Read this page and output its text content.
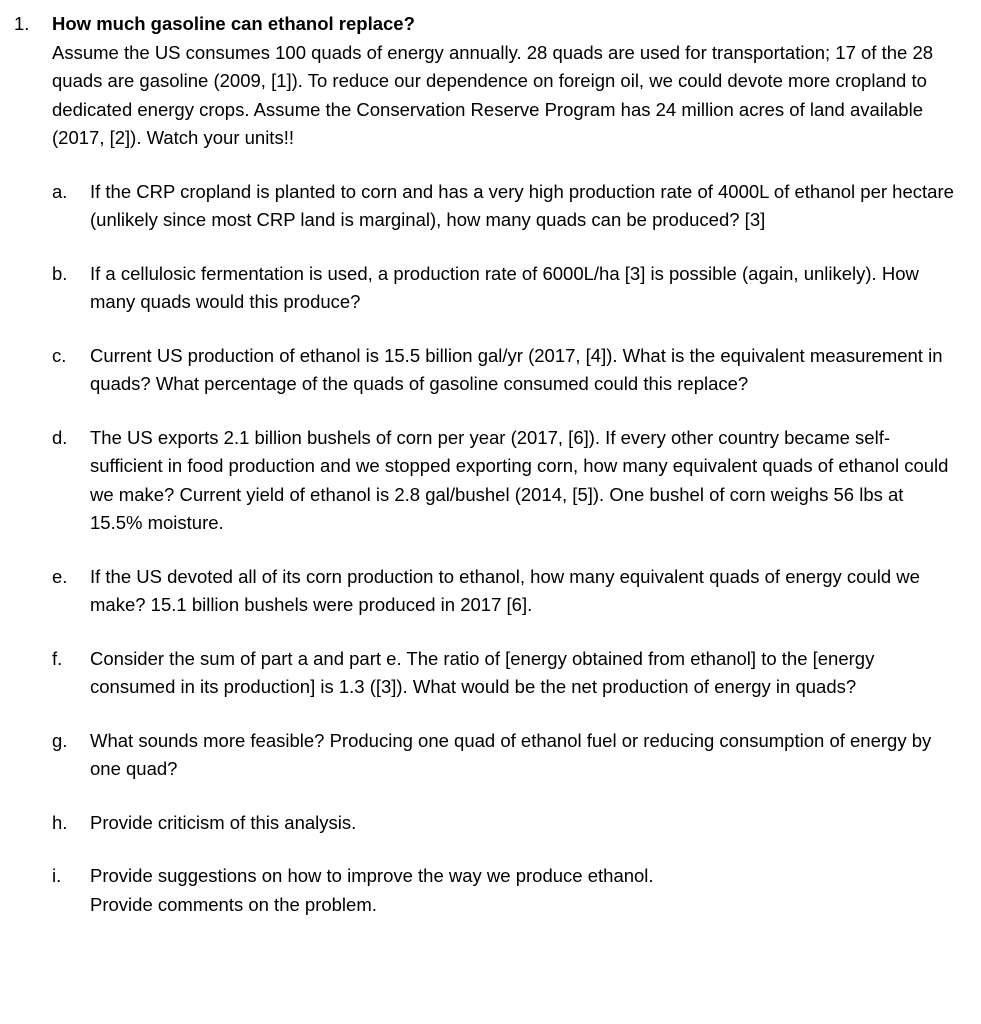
1.	How much gasoline can ethanol replace?

Assume the US consumes 100 quads of energy annually. 28 quads are used for transportation; 17 of the 28 quads are gasoline (2009, [1]). To reduce our dependence on foreign oil, we could devote more cropland to dedicated energy crops. Assume the Conservation Reserve Program has 24 million acres of land available (2017, [2]). Watch your units!!

a.	If the CRP cropland is planted to corn and has a very high production rate of 4000L of ethanol per hectare (unlikely since most CRP land is marginal), how many quads can be produced? [3]
b.	If a cellulosic fermentation is used, a production rate of 6000L/ha [3] is possible (again, unlikely). How many quads would this produce?
c.	Current US production of ethanol is 15.5 billion gal/yr (2017, [4]). What is the equivalent measurement in quads? What percentage of the quads of gasoline consumed could this replace?
d.	The US exports 2.1 billion bushels of corn per year (2017, [6]). If every other country became self-sufficient in food production and we stopped exporting corn, how many equivalent quads of ethanol could we make? Current yield of ethanol is 2.8 gal/bushel (2014, [5]). One bushel of corn weighs 56 lbs at 15.5% moisture.
e.	If the US devoted all of its corn production to ethanol, how many equivalent quads of energy could we make? 15.1 billion bushels were produced in 2017 [6].
f.	Consider the sum of part a and part e. The ratio of [energy obtained from ethanol] to the [energy consumed in its production] is 1.3 ([3]). What would be the net production of energy in quads?
g.	What sounds more feasible? Producing one quad of ethanol fuel or reducing consumption of energy by one quad?
h.	Provide criticism of this analysis.
i.	Provide suggestions on how to improve the way we produce ethanol.
Provide comments on the problem.
